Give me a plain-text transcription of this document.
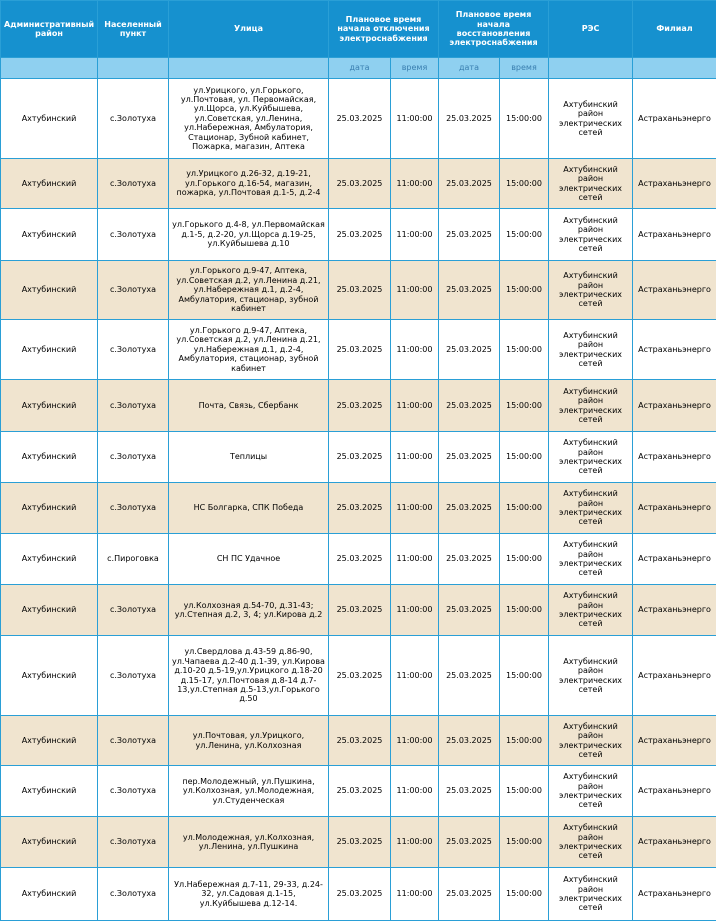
Административный район	Населенный пункт	Улица	Плановое время начала отключения электроснабжения		Плановое время начала восстановления электроснабжения		РЭС	Филиал
			дата	время	дата	время		
Ахтубинский	с.Золотуха	ул.Урицкого, ул.Горького, ул.Почтовая, ул. Первомайская, ул.Щорса, ул.Куйбышева, ул.Советская, ул.Ленина, ул.Набережная, Амбулатория, Стационар, Зубной кабинет, Пожарка, магазин, Аптека	25.03.2025	11:00:00	25.03.2025	15:00:00	Ахтубинский район электрических сетей	Астраханьэнерго
Ахтубинский	с.Золотуха	ул.Урицкого д.26-32, д.19-21, ул.Горького д.16-54, магазин, пожарка, ул.Почтовая д.1-5, д.2-4	25.03.2025	11:00:00	25.03.2025	15:00:00	Ахтубинский район электрических сетей	Астраханьэнерго
Ахтубинский	с.Золотуха	ул.Горького д.4-8, ул.Первомайская д.1-5, д.2-20, ул.Щорса д.19-25, ул.Куйбышева д.10	25.03.2025	11:00:00	25.03.2025	15:00:00	Ахтубинский район электрических сетей	Астраханьэнерго
Ахтубинский	с.Золотуха	ул.Горького д.9-47, Аптека, ул.Советская д.2, ул.Ленина д.21, ул.Набережная д.1, д.2-4, Амбулатория, стационар, зубной кабинет	25.03.2025	11:00:00	25.03.2025	15:00:00	Ахтубинский район электрических сетей	Астраханьэнерго
Ахтубинский	с.Золотуха	ул.Горького д.9-47, Аптека, ул.Советская д.2, ул.Ленина д.21, ул.Набережная д.1, д.2-4, Амбулатория, стационар, зубной кабинет	25.03.2025	11:00:00	25.03.2025	15:00:00	Ахтубинский район электрических сетей	Астраханьэнерго
Ахтубинский	с.Золотуха	Почта, Связь, Сбербанк	25.03.2025	11:00:00	25.03.2025	15:00:00	Ахтубинский район электрических сетей	Астраханьэнерго
Ахтубинский	с.Золотуха	Теплицы	25.03.2025	11:00:00	25.03.2025	15:00:00	Ахтубинский район электрических сетей	Астраханьэнерго
Ахтубинский	с.Золотуха	НС Болгарка, СПК Победа	25.03.2025	11:00:00	25.03.2025	15:00:00	Ахтубинский район электрических сетей	Астраханьэнерго
Ахтубинский	с.Пироговка	СН ПС Удачное	25.03.2025	11:00:00	25.03.2025	15:00:00	Ахтубинский район электрических сетей	Астраханьэнерго
Ахтубинский	с.Золотуха	ул.Колхозная д.54-70, д.31-43; ул.Степная д.2, 3, 4; ул.Кирова д.2	25.03.2025	11:00:00	25.03.2025	15:00:00	Ахтубинский район электрических сетей	Астраханьэнерго
Ахтубинский	с.Золотуха	ул.Свердлова д.43-59 д.86-90, ул.Чапаева д.2-40 д.1-39, ул.Кирова д.10-20 д.5-19,ул.Урицкого д.18-20 д.15-17, ул.Почтовая д.8-14 д.7-13,ул.Степная д.5-13,ул.Горького д.50	25.03.2025	11:00:00	25.03.2025	15:00:00	Ахтубинский район электрических сетей	Астраханьэнерго
Ахтубинский	с.Золотуха	ул.Почтовая, ул.Урицкого, ул.Ленина, ул.Колхозная	25.03.2025	11:00:00	25.03.2025	15:00:00	Ахтубинский район электрических сетей	Астраханьэнерго
Ахтубинский	с.Золотуха	пер.Молодежный, ул.Пушкина, ул.Колхозная, ул.Молодежная, ул.Студенческая	25.03.2025	11:00:00	25.03.2025	15:00:00	Ахтубинский район электрических сетей	Астраханьэнерго
Ахтубинский	с.Золотуха	ул.Молодежная, ул.Колхозная, ул.Ленина, ул.Пушкина	25.03.2025	11:00:00	25.03.2025	15:00:00	Ахтубинский район электрических сетей	Астраханьэнерго
Ахтубинский	с.Золотуха	Ул.Набережная д.7-11, 29-33, д.24-32, ул.Садовая д.1-15, ул.Куйбышева д.12-14.	25.03.2025	11:00:00	25.03.2025	15:00:00	Ахтубинский район электрических сетей	Астраханьэнерго
